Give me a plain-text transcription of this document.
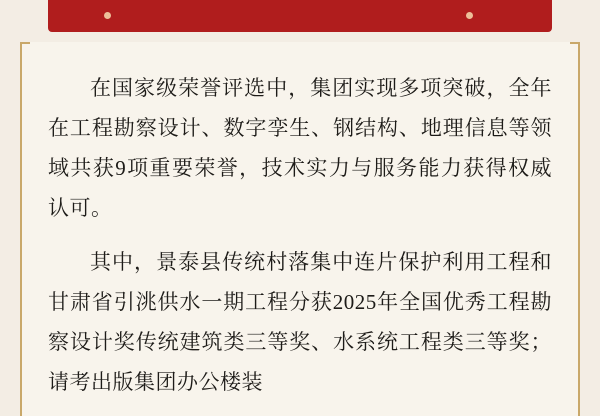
在国家级荣誉评选中，集团实现多项突破，全年在工程勘察设计、数字孪生、钢结构、地理信息等领域共获9项重要荣誉，技术实力与服务能力获得权威认可。

其中，景泰县传统村落集中连片保护利用工程和甘肃省引洮供水一期工程分获2025年全国优秀工程勘察设计奖传统建筑类三等奖、水系统工程类三等奖；请考出版集团办公楼装
